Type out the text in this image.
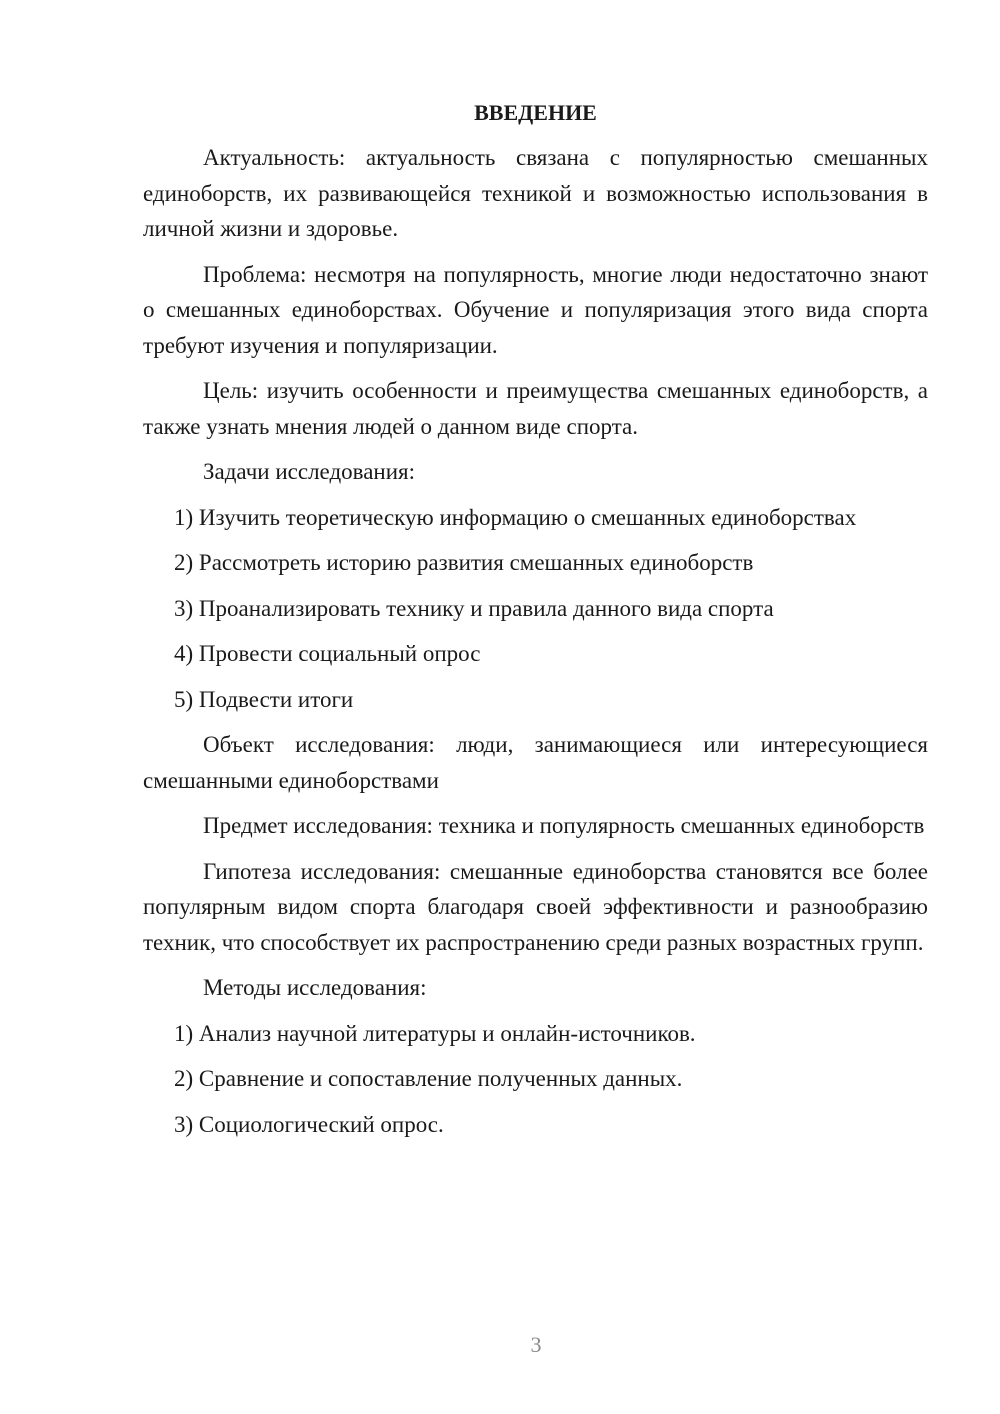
ВВЕДЕНИЕ

Актуальность: актуальность связана с популярностью смешанных единоборств, их развивающейся техникой и возможностью использования в личной жизни и здоровье.

Проблема: несмотря на популярность, многие люди недостаточно знают о смешанных единоборствах. Обучение и популяризация этого вида спорта требуют изучения и популяризации.

Цель: изучить особенности и преимущества смешанных единоборств, а также узнать мнения людей о данном виде спорта.

Задачи исследования:

1) Изучить теоретическую информацию о смешанных единоборствах

2) Рассмотреть историю развития смешанных единоборств

3) Проанализировать технику и правила данного вида спорта

4) Провести социальный опрос

5) Подвести итоги

Объект исследования: люди, занимающиеся или интересующиеся смешанными единоборствами

Предмет исследования: техника и популярность смешанных единоборств

Гипотеза исследования: смешанные единоборства становятся все более популярным видом спорта благодаря своей эффективности и разнообразию техник, что способствует их распространению среди разных возрастных групп.

Методы исследования:

1) Анализ научной литературы и онлайн-источников.

2) Сравнение и сопоставление полученных данных.

3) Социологический опрос.

3
